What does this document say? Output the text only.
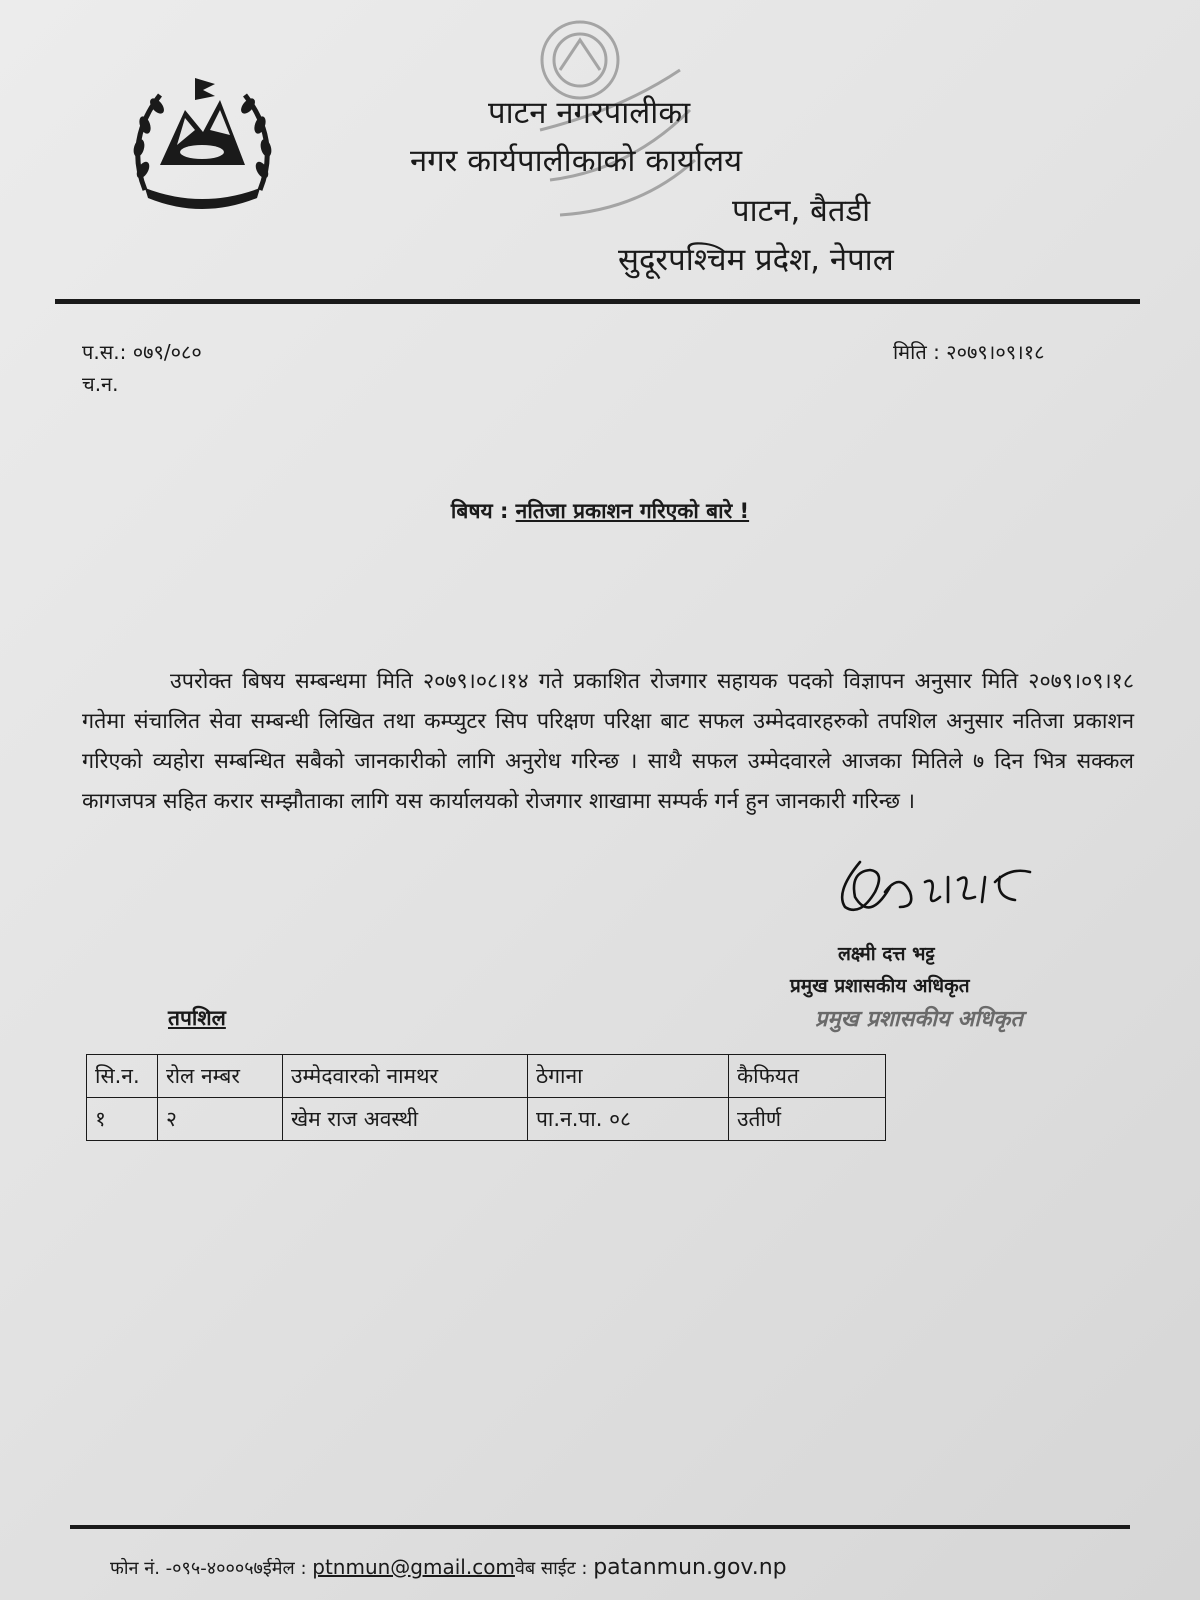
पाटन नगरपालीका
नगर कार्यपालीकाको कार्यालय
पाटन, बैतडी
सुदूरपश्चिम प्रदेश, नेपाल
प.स.: ०७९/०८०
च.न.
मिति : २०७९।०९।१८
बिषय : नतिजा प्रकाशन गरिएको बारे !

उपरोक्त बिषय सम्बन्धमा मिति २०७९।०८।१४ गते प्रकाशित रोजगार सहायक पदको विज्ञापन अनुसार मिति २०७९।०९।१८ गतेमा संचालित सेवा सम्बन्धी लिखित तथा कम्प्युटर सिप परिक्षण परिक्षा बाट सफल उम्मेदवारहरुको तपशिल अनुसार नतिजा प्रकाशन गरिएको व्यहोरा सम्बन्धित सबैको जानकारीको लागि अनुरोध गरिन्छ । साथै सफल उम्मेदवारले आजका मितिले ७ दिन भित्र सक्कल कागजपत्र सहित करार सम्झौताका लागि यस कार्यालयको रोजगार शाखामा सम्पर्क गर्न हुन जानकारी गरिन्छ ।

लक्ष्मी दत्त भट्ट
प्रमुख प्रशासकीय अधिकृत
प्रमुख प्रशासकीय अधिकृत
तपशिल
सि.न.	रोल नम्बर	उम्मेदवारको नामथर	ठेगाना	कैफियत
१	२	खेम राज अवस्थी	पा.न.पा. ०८	उतीर्ण
फोन नं. -०९५-४०००५७ईमेल : ptnmun@gmail.comवेब साईट : patanmun.gov.np
